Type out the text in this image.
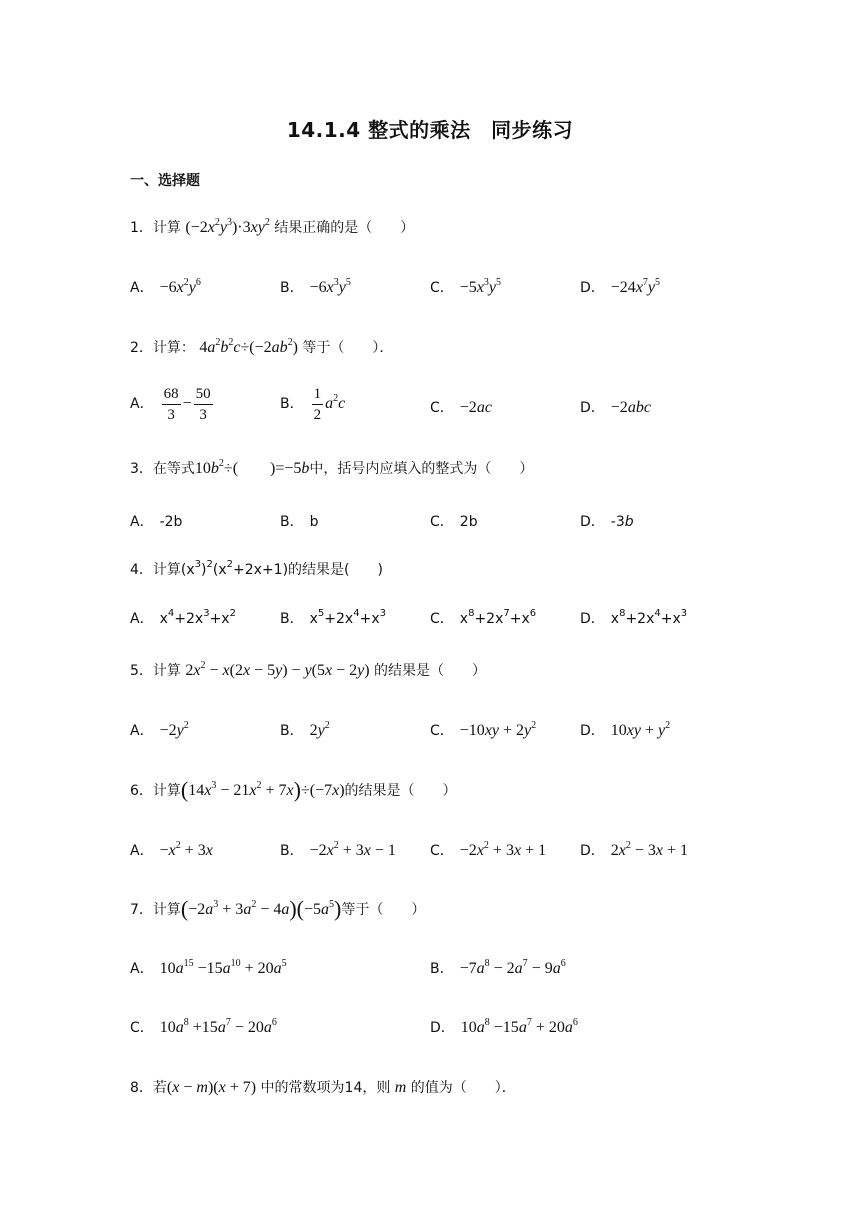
14.1.4 整式的乘法　同步练习
一、选择题
1．计算 $(-2x^2y^3)\cdot 3xy^2$ 结果正确的是（　　）
A． $-6x^2y^6$	B． $-6x^3y^5$	C． $-5x^3y^5$	D． $-24x^7y^5$
2．计算： $4a^2b^2c\div(-2ab^2)$ 等于（　　）．
A． $\frac{68}{3} - \frac{50}{3}$	B． $\frac{1}{2} a^2c$	C． −2ac	D． −2abc
3．在等式$10b^2\div$(　　)=−5b中，括号内应填入的整式为（　　）
A． -2b	B． b	C． 2b	D． -3b
4．计算$(x^3)^2(x^2+2x+1)$的结果是(　　)
A． $x^4+2x^3+x^2$	B． $x^5+2x^4+x^3$	C． $x^8+2x^7+x^6$	D． $x^8+2x^4+x^3$
5．计算 $2x^2 - x(2x - 5y) - y(5x - 2y)$ 的结果是（　　）
A． $-2y^2$	B． $2y^2$	C． $-10xy + 2y^2$	D． $10xy + y^2$
6．计算$(14x^3 - 21x^2 + 7x)\div(-7x)$的结果是（　　）
A． $-x^2 + 3x$	B． $-2x^2 + 3x - 1$ C． $-2x^2 + 3x + 1$ D． $2x^2 - 3x + 1$
7．计算$(-2a^3 + 3a^2 - 4a)(-5a^5)$等于（　　）
A． $10a^{15} -15a^{10} + 20a^5$	B． $-7a^8 - 2a^7 - 9a^6$
C． $10a^8 +15a^7 - 20a^6$	D． $10a^8 -15a^7 + 20a^6$
8．若(x − m)(x + 7) 中的常数项为14，则 m 的值为（　　）．
